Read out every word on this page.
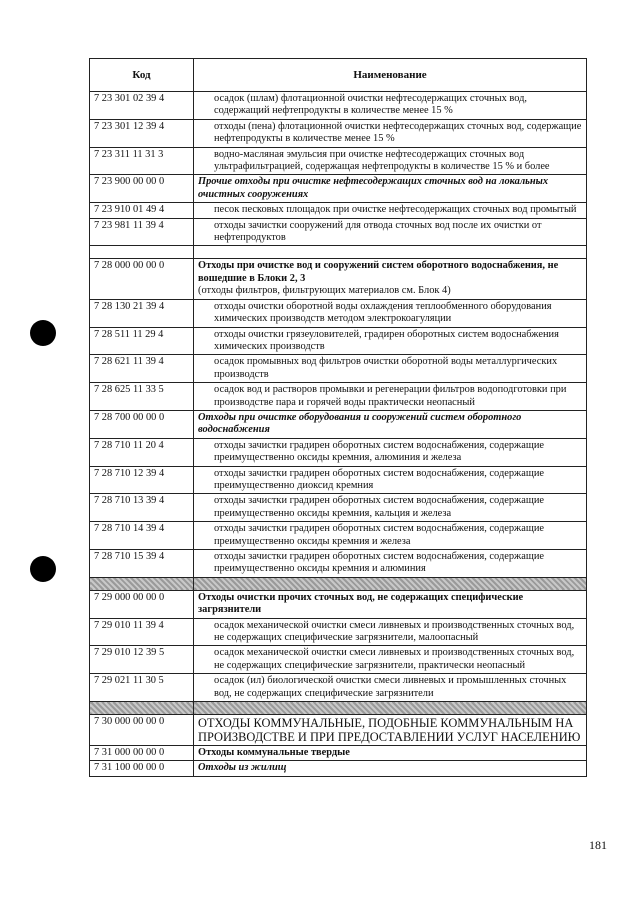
Код	Наименование
7 23 301 02 39 4	осадок (шлам) флотационной очистки нефтесодержащих сточных вод, содержащий нефтепродукты в количестве менее 15 %
7 23 301 12 39 4	отходы (пена) флотационной очистки нефтесодержащих сточных вод, содержащие нефтепродукты в количестве менее 15 %
7 23 311 11 31 3	водно-масляная эмульсия при очистке нефтесодержащих сточных вод ультрафильтрацией, содержащая нефтепродукты в количестве 15 % и более
7 23 900 00 00 0	Прочие отходы при очистке нефтесодержащих сточных вод на локальных очистных сооружениях
7 23 910 01 49 4	песок песковых площадок при очистке нефтесодержащих сточных вод промытый
7 23 981 11 39 4	отходы зачистки сооружений для отвода сточных вод после их очистки от нефтепродуктов

7 28 000 00 00 0	Отходы при очистке вод и сооружений систем оборотного водоснабжения, не вошедшие в Блоки 2, 3
(отходы фильтров, фильтрующих материалов см. Блок 4)

7 28 130 21 39 4	отходы очистки оборотной воды охлаждения теплообменного оборудования химических производств методом электрокоагуляции
7 28 511 11 29 4	отходы очистки грязеуловителей, градирен оборотных систем водоснабжения химических производств
7 28 621 11 39 4	осадок промывных вод фильтров очистки оборотной воды металлургических производств
7 28 625 11 33 5	осадок вод и растворов промывки и регенерации фильтров водоподготовки при производстве пара и горячей воды практически неопасный
7 28 700 00 00 0	Отходы при очистке оборудования и сооружений систем оборотного водоснабжения
7 28 710 11 20 4	отходы зачистки градирен оборотных систем водоснабжения, содержащие преимущественно оксиды кремния, алюминия и железа
7 28 710 12 39 4	отходы зачистки градирен оборотных систем водоснабжения, содержащие преимущественно диоксид кремния
7 28 710 13 39 4	отходы зачистки градирен оборотных систем водоснабжения, содержащие преимущественно оксиды кремния, кальция и железа
7 28 710 14 39 4	отходы зачистки градирен оборотных систем водоснабжения, содержащие преимущественно оксиды кремния и железа
7 28 710 15 39 4	отходы зачистки градирен оборотных систем водоснабжения, содержащие преимущественно оксиды кремния и алюминия

7 29 000 00 00 0	Отходы очистки прочих сточных вод, не содержащих специфические загрязнители
7 29 010 11 39 4	осадок механической очистки смеси ливневых и производственных сточных вод, не содержащих специфические загрязнители, малоопасный
7 29 010 12 39 5	осадок механической очистки смеси ливневых и производственных сточных вод, не содержащих специфические загрязнители, практически неопасный
7 29 021 11 30 5	осадок (ил) биологической очистки смеси ливневых и промышленных сточных вод, не содержащих специфические загрязнители

7 30 000 00 00 0	ОТХОДЫ КОММУНАЛЬНЫЕ, ПОДОБНЫЕ КОММУНАЛЬНЫМ НА ПРОИЗВОДСТВЕ И ПРИ ПРЕДОСТАВЛЕНИИ УСЛУГ НАСЕЛЕНИЮ
7 31 000 00 00 0	Отходы коммунальные твердые
7 31 100 00 00 0	Отходы из жилищ
181
